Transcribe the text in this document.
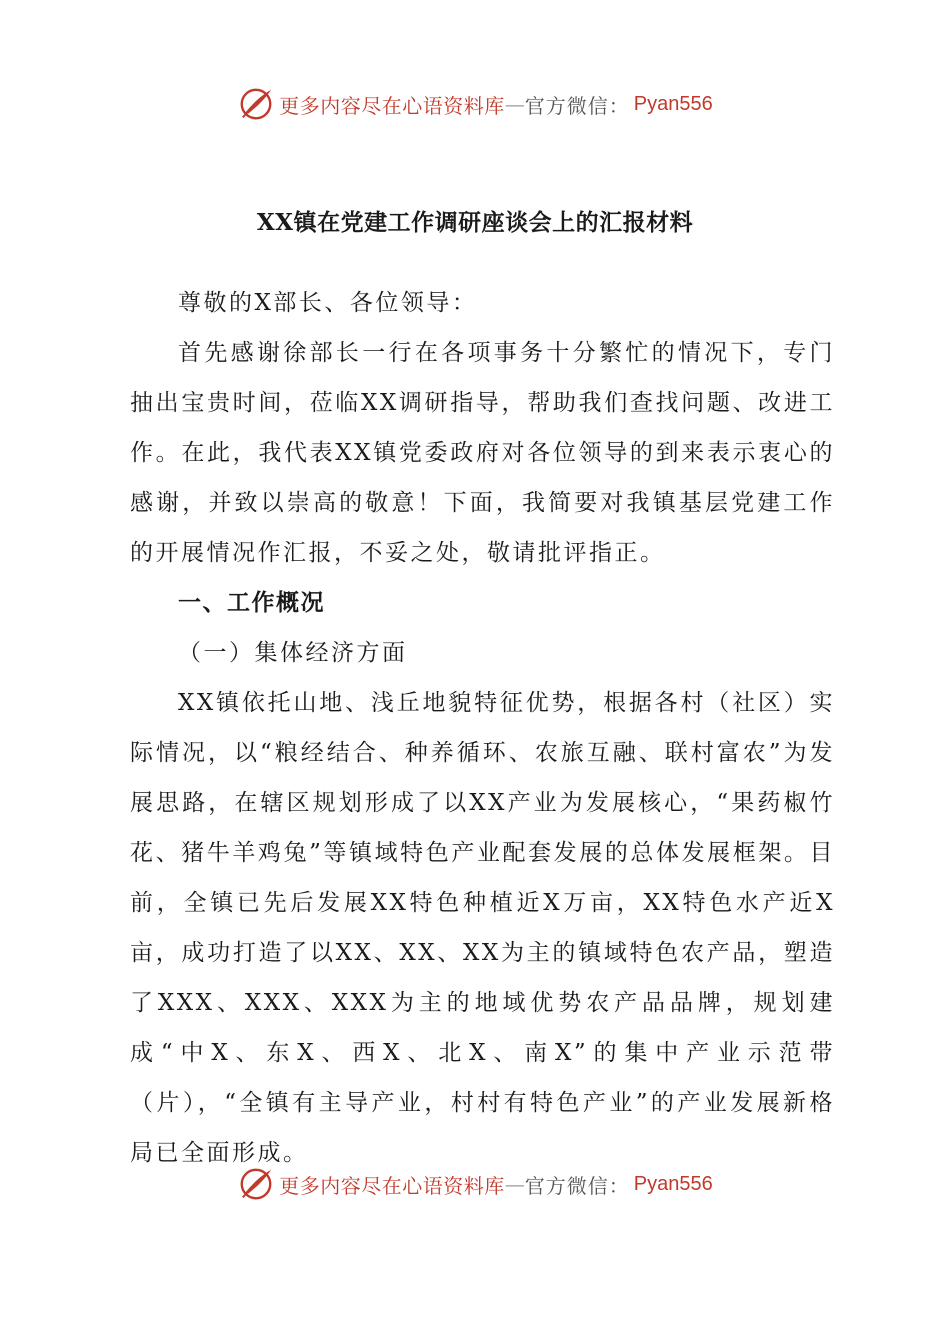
更多内容尽在心语资料库 — 官方微信： Pyan556
XX镇在党建工作调研座谈会上的汇报材料

尊敬的X部长、各位领导：

首先感谢徐部长一行在各项事务十分繁忙的情况下，专门抽出宝贵时间，莅临XX调研指导，帮助我们查找问题、改进工作。在此，我代表XX镇党委政府对各位领导的到来表示衷心的感谢，并致以崇高的敬意！下面，我简要对我镇基层党建工作的开展情况作汇报，不妥之处，敬请批评指正。

一、工作概况

（一）集体经济方面

XX镇依托山地、浅丘地貌特征优势，根据各村（社区）实际情况，以“粮经结合、种养循环、农旅互融、联村富农”为发展思路，在辖区规划形成了以XX产业为发展核心，“果药椒竹花、猪牛羊鸡兔”等镇域特色产业配套发展的总体发展框架。目前，全镇已先后发展XX特色种植近X万亩，XX特色水产近X亩，成功打造了以XX、XX、XX为主的镇域特色农产品，塑造了XXX、XXX、XXX为主的地域优势农产品品牌，规划建成“中X、东X、西X、北X、南X”的集中产业示范带（片），“全镇有主导产业，村村有特色产业”的产业发展新格局已全面形成。

更多内容尽在心语资料库 — 官方微信： Pyan556
